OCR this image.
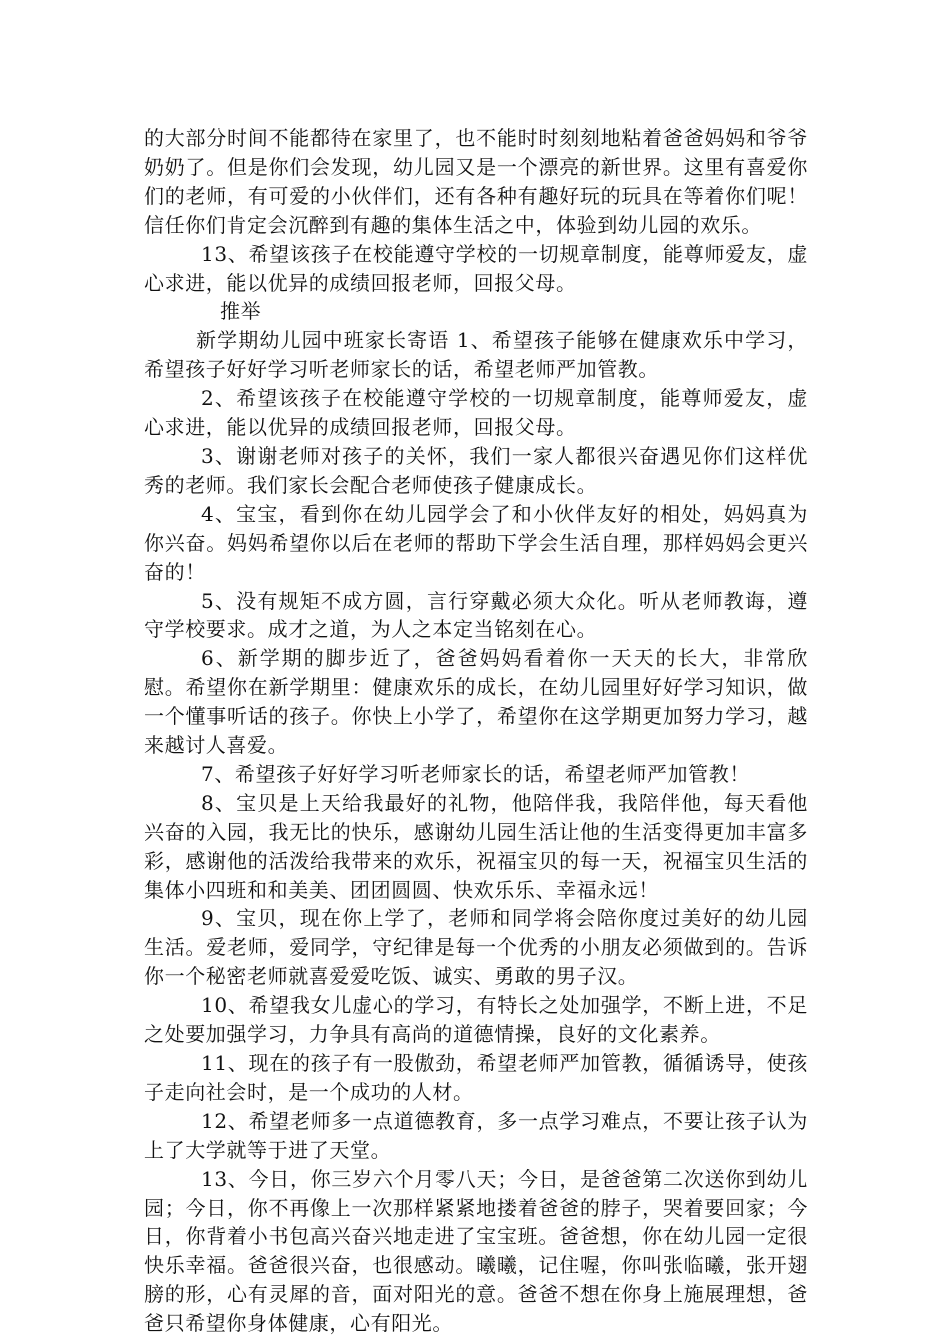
的大部分时间不能都待在家里了，也不能时时刻刻地粘着爸爸妈妈和爷爷奶奶了。但是你们会发现，幼儿园又是一个漂亮的新世界。这里有喜爱你们的老师，有可爱的小伙伴们，还有各种有趣好玩的玩具在等着你们呢！信任你们肯定会沉醉到有趣的集体生活之中，体验到幼儿园的欢乐。

13、希望该孩子在校能遵守学校的一切规章制度，能尊师爱友，虚心求进，能以优异的成绩回报老师，回报父母。

推举

新学期幼儿园中班家长寄语 1、希望孩子能够在健康欢乐中学习，希望孩子好好学习听老师家长的话，希望老师严加管教。

2、希望该孩子在校能遵守学校的一切规章制度，能尊师爱友，虚心求进，能以优异的成绩回报老师，回报父母。

3、谢谢老师对孩子的关怀，我们一家人都很兴奋遇见你们这样优秀的老师。我们家长会配合老师使孩子健康成长。

4、宝宝，看到你在幼儿园学会了和小伙伴友好的相处，妈妈真为你兴奋。妈妈希望你以后在老师的帮助下学会生活自理，那样妈妈会更兴奋的！

5、没有规矩不成方圆，言行穿戴必须大众化。听从老师教诲，遵守学校要求。成才之道，为人之本定当铭刻在心。

6、新学期的脚步近了，爸爸妈妈看着你一天天的长大，非常欣慰。希望你在新学期里：健康欢乐的成长，在幼儿园里好好学习知识，做一个懂事听话的孩子。你快上小学了，希望你在这学期更加努力学习，越来越讨人喜爱。

7、希望孩子好好学习听老师家长的话，希望老师严加管教！

8、宝贝是上天给我最好的礼物，他陪伴我，我陪伴他，每天看他兴奋的入园，我无比的快乐，感谢幼儿园生活让他的生活变得更加丰富多彩，感谢他的活泼给我带来的欢乐，祝福宝贝的每一天，祝福宝贝生活的集体小四班和和美美、团团圆圆、快欢乐乐、幸福永远！

9、宝贝，现在你上学了，老师和同学将会陪你度过美好的幼儿园生活。爱老师，爱同学，守纪律是每一个优秀的小朋友必须做到的。告诉你一个秘密老师就喜爱爱吃饭、诚实、勇敢的男子汉。

10、希望我女儿虚心的学习，有特长之处加强学，不断上进，不足之处要加强学习，力争具有高尚的道德情操，良好的文化素养。

11、现在的孩子有一股傲劲，希望老师严加管教，循循诱导，使孩子走向社会时，是一个成功的人材。

12、希望老师多一点道德教育，多一点学习难点，不要让孩子认为上了大学就等于进了天堂。

13、今日，你三岁六个月零八天；今日，是爸爸第二次送你到幼儿园；今日，你不再像上一次那样紧紧地搂着爸爸的脖子，哭着要回家；今日，你背着小书包高兴奋兴地走进了宝宝班。爸爸想，你在幼儿园一定很快乐幸福。爸爸很兴奋，也很感动。曦曦，记住喔，你叫张临曦，张开翅膀的形，心有灵犀的音，面对阳光的意。爸爸不想在你身上施展理想，爸爸只希望你身体健康，心有阳光。
